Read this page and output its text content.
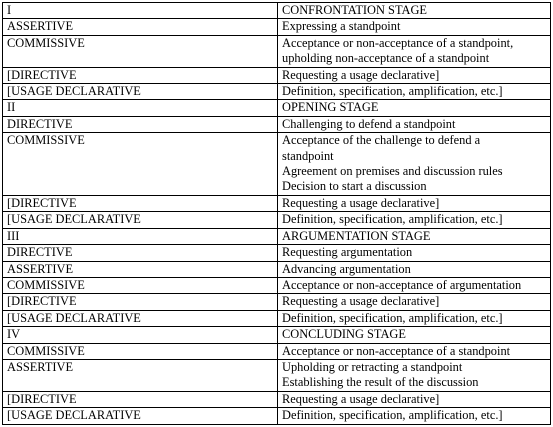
I	CONFRONTATION STAGE

ASSERTIVE	Expressing a standpoint

COMMISSIVE	Acceptance or non-acceptance of a standpoint,
upholding non-acceptance of a standpoint

[DIRECTIVE	Requesting a usage declarative]

[USAGE DECLARATIVE	Definition, specification, amplification, etc.]

II	OPENING STAGE

DIRECTIVE	Challenging to defend a standpoint

COMMISSIVE	Acceptance of the challenge to defend a
standpoint
Agreement on premises and discussion rules
Decision to start a discussion

[DIRECTIVE	Requesting a usage declarative]

[USAGE DECLARATIVE	Definition, specification, amplification, etc.]

III	ARGUMENTATION STAGE

DIRECTIVE	Requesting argumentation

ASSERTIVE	Advancing argumentation

COMMISSIVE	Acceptance or non-acceptance of argumentation

[DIRECTIVE	Requesting a usage declarative]

[USAGE DECLARATIVE	Definition, specification, amplification, etc.]

IV	CONCLUDING STAGE

COMMISSIVE	Acceptance or non-acceptance of a standpoint

ASSERTIVE	Upholding or retracting a standpoint
Establishing the result of the discussion

[DIRECTIVE	Requesting a usage declarative]

[USAGE DECLARATIVE	Definition, specification, amplification, etc.]
